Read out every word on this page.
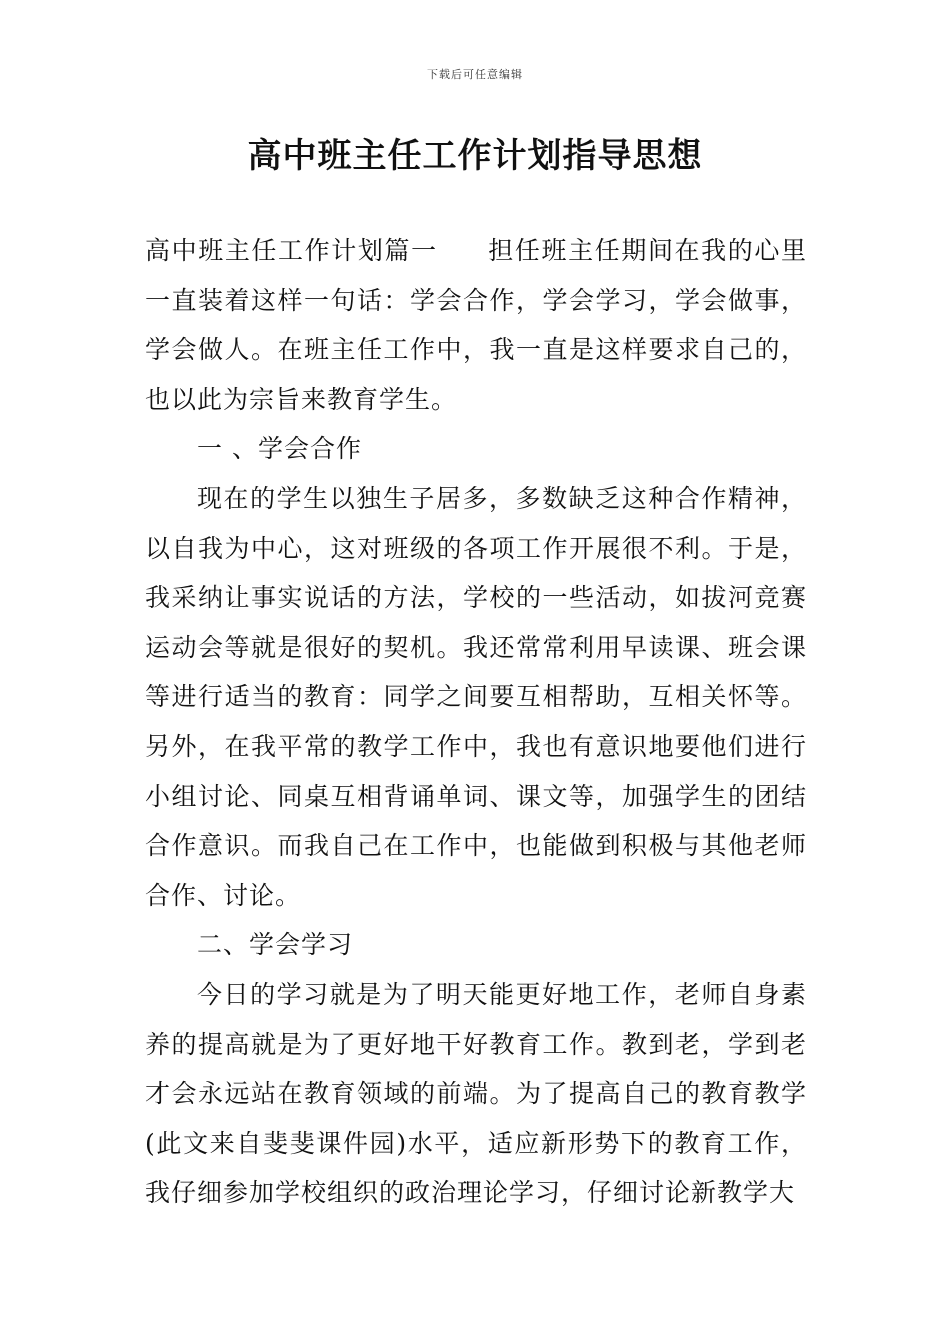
下载后可任意编辑
高中班主任工作计划指导思想

高中班主任工作计划篇一 担任班主任期间在我的心里一直装着这样一句话：学会合作，学会学习，学会做事，学会做人。在班主任工作中，我一直是这样要求自己的，也以此为宗旨来教育学生。

一 、学会合作

现在的学生以独生子居多，多数缺乏这种合作精神，以自我为中心，这对班级的各项工作开展很不利。于是，我采纳让事实说话的方法，学校的一些活动，如拔河竞赛运动会等就是很好的契机。我还常常利用早读课、班会课等进行适当的教育：同学之间要互相帮助，互相关怀等。另外，在我平常的教学工作中，我也有意识地要他们进行小组讨论、同桌互相背诵单词、课文等，加强学生的团结合作意识。而我自己在工作中，也能做到积极与其他老师合作、讨论。

二、学会学习

今日的学习就是为了明天能更好地工作，老师自身素养的提高就是为了更好地干好教育工作。教到老，学到老才会永远站在教育领域的前端。为了提高自己的教育教学(此文来自斐斐课件园)水平，适应新形势下的教育工作，我仔细参加学校组织的政治理论学习，仔细讨论新教学大
